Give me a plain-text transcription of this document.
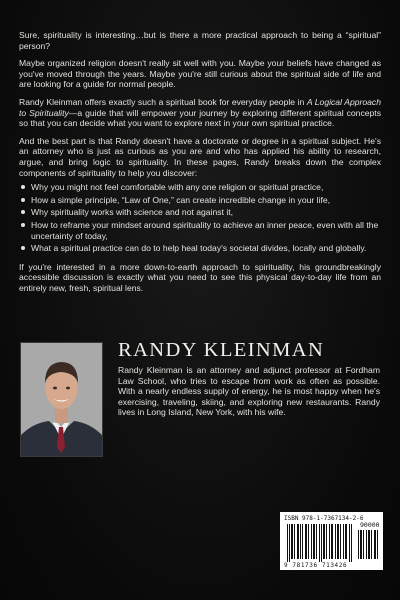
Sure, spirituality is interesting…but is there a more practical approach to being a “spiritual” person?

Maybe organized religion doesn't really sit well with you. Maybe your beliefs have changed as you've moved through the years. Maybe you're still curious about the spiritual side of life and are looking for a guide for normal people.

Randy Kleinman offers exactly such a spiritual book for everyday people in A Logical Approach to Spirituality—a guide that will empower your journey by exploring different spiritual concepts so that you can decide what you want to explore next in your own spiritual practice.

And the best part is that Randy doesn't have a doctorate or degree in a spiritual subject. He's an attorney who is just as curious as you are and who has applied his ability to research, argue, and bring logic to spirituality. In these pages, Randy breaks down the complex components of spirituality to help you discover:

Why you might not feel comfortable with any one religion or spiritual practice,
How a simple principle, “Law of One,” can create incredible change in your life,
Why spirituality works with science and not against it,
How to reframe your mindset around spirituality to achieve an inner peace, even with all the uncertainty of today,
What a spiritual practice can do to help heal today's societal divides, locally and globally.

If you're interested in a more down-to-earth approach to spirituality, his groundbreakingly accessible discussion is exactly what you need to see this physical day-to-day life from an entirely new, fresh, spiritual lens.

RANDY KLEINMAN
Randy Kleinman is an attorney and adjunct professor at Fordham Law School, who tries to escape from work as often as possible. With a nearly endless supply of energy, he is most happy when he's exercising, traveling, skiing, and exploring new restaurants. Randy lives in Long Island, New York, with his wife.
ISBN 978-1-7367134-2-6
90000
9 781736 713426
